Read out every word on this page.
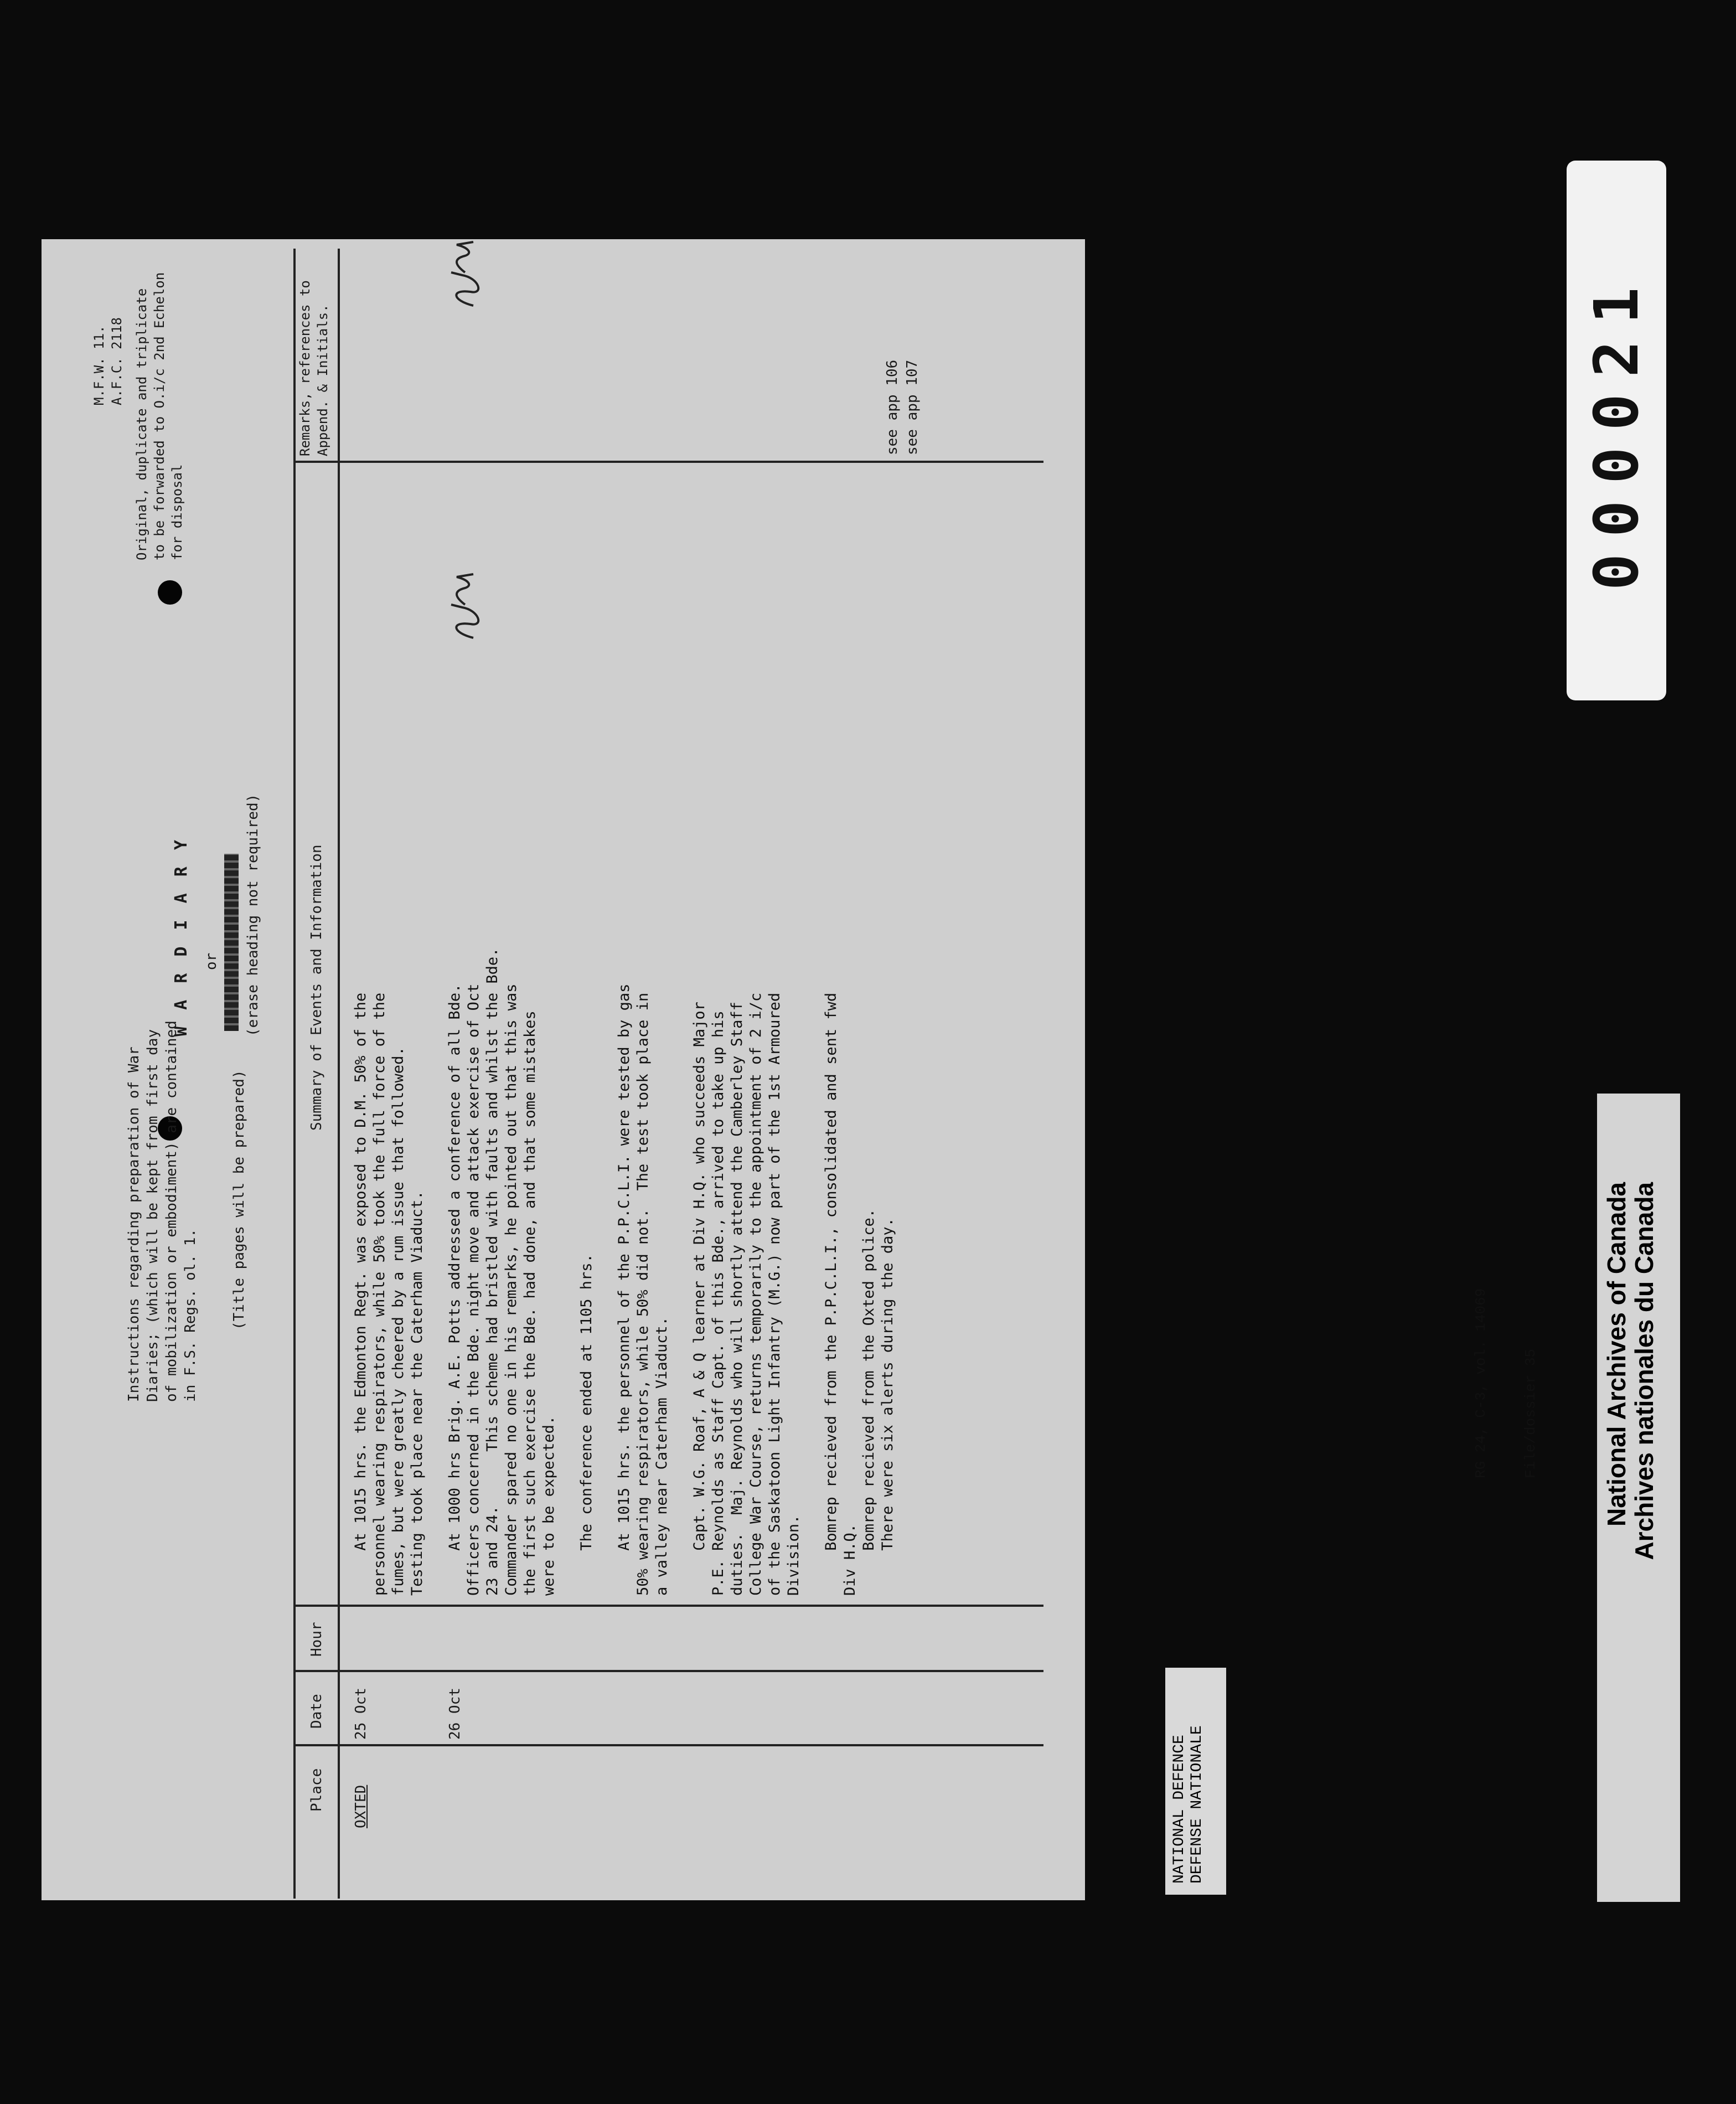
Instructions regarding preparation of War Diaries; (which will be kept from first day of mobilization or embodiment) are contained in F.S. Regs. ol. 1. (Title pages will be prepared)
W A R D I A R Y or (erase heading not required)
M.F.W. 11. A.F.C. 2118 Original, duplicate and triplicate to be forwarded to O.i/c 2nd Echelon for disposal
Place
Date
Hour
Summary of Events and Information
Remarks, references to Append. & Initials.
OXTED
25 Oct
At 1015 hrs. the Edmonton Regt. was exposed to D.M. 50% of the
personnel wearing respirators, while 50% took the full force of the
fumes, but were greatly cheered by a rum issue that followed.
Testing took place near the Caterham Viaduct.
26 Oct
At 1000 hrs Brig. A.E. Potts addressed a conference of all Bde.
Officers concerned in the Bde. night move and attack exercise of Oct
23 and 24.      This scheme had bristled with faults and whilst the Bde.
Commander spared no one in his remarks, he pointed out that this was
the first such exercise the Bde. had done, and that some mistakes
were to be expected.

The conference ended at 1105 hrs.

At 1015 hrs. the personnel of the P.P.C.L.I. were tested by gas
50% wearing respirators, while 50% did not.  The test took place in
a valley near Caterham Viaduct.

Capt. W.G. Roaf, A & Q learner at Div H.Q. who succeeds Major
P.E. Reynolds as Staff Capt. of this Bde., arrived to take up his
duties.  Maj. Reynolds who will shortly attend the Camberley Staff
College War Course, returns temporarily to the appointment of 2 i/c
of the Saskatoon Light Infantry (M.G.) now part of the 1st Armoured
Division.

Bomrep recieved from the P.P.C.L.I., consolidated and sent fwd
Div H.Q.
Bomrep recieved from the Oxted police.
There were six alerts during the day.
see app 106 see app 107
NATIONAL DEFENCE
DEFENSE NATIONALE

RG 24, C-3, vol. 14069

File/dossier 35

National Archives of Canada
Archives nationales du Canada
000021
